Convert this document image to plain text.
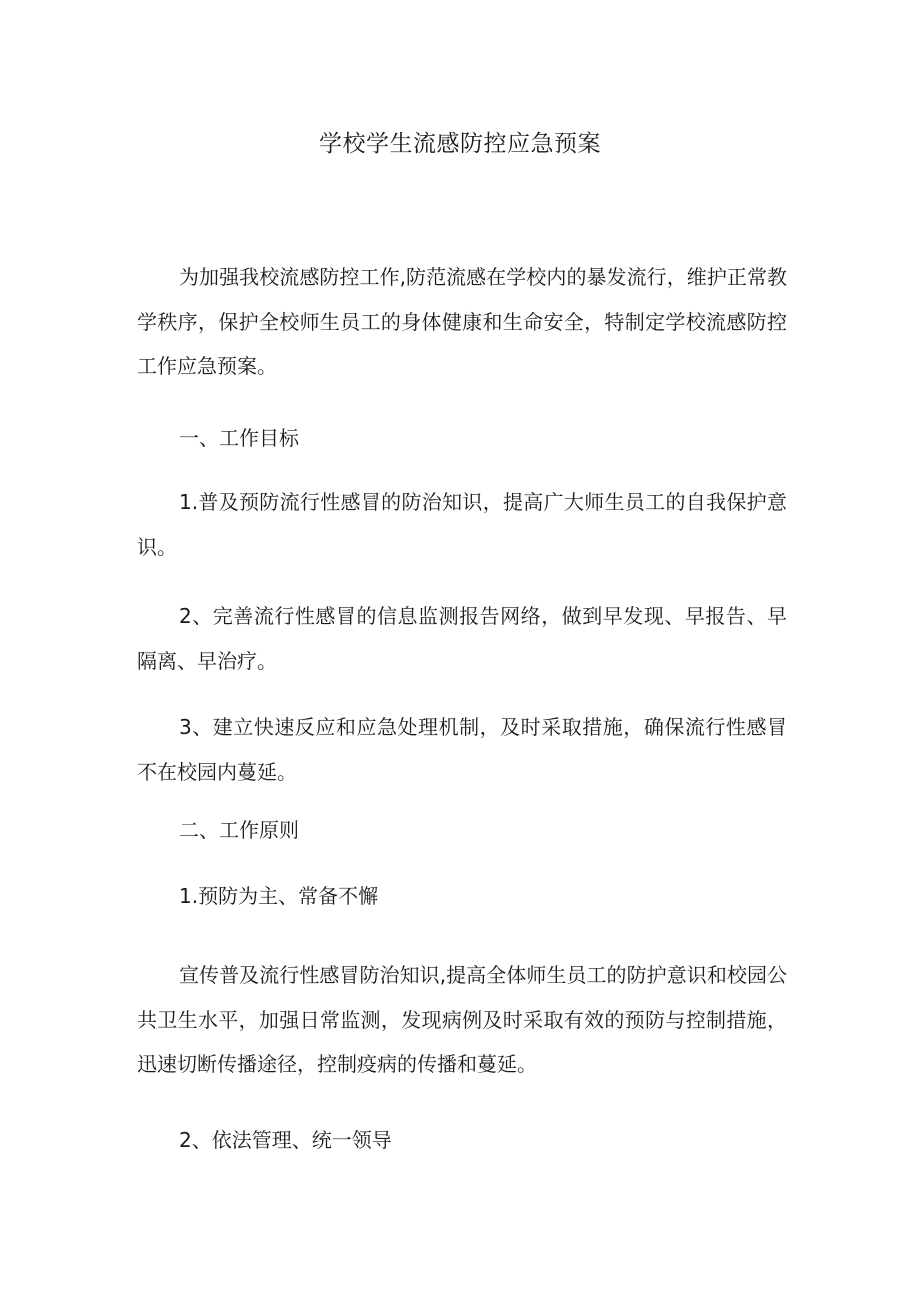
学校学生流感防控应急预案

为加强我校流感防控工作,防范流感在学校内的暴发流行，维护正常教学秩序，保护全校师生员工的身体健康和生命安全，特制定学校流感防控工作应急预案。

一、工作目标

1.普及预防流行性感冒的防治知识，提高广大师生员工的自我保护意识。

2、完善流行性感冒的信息监测报告网络，做到早发现、早报告、早隔离、早治疗。

3、建立快速反应和应急处理机制，及时采取措施，确保流行性感冒不在校园内蔓延。

二、工作原则

1.预防为主、常备不懈

宣传普及流行性感冒防治知识,提高全体师生员工的防护意识和校园公共卫生水平，加强日常监测，发现病例及时采取有效的预防与控制措施，迅速切断传播途径，控制疫病的传播和蔓延。

2、依法管理、统一领导
